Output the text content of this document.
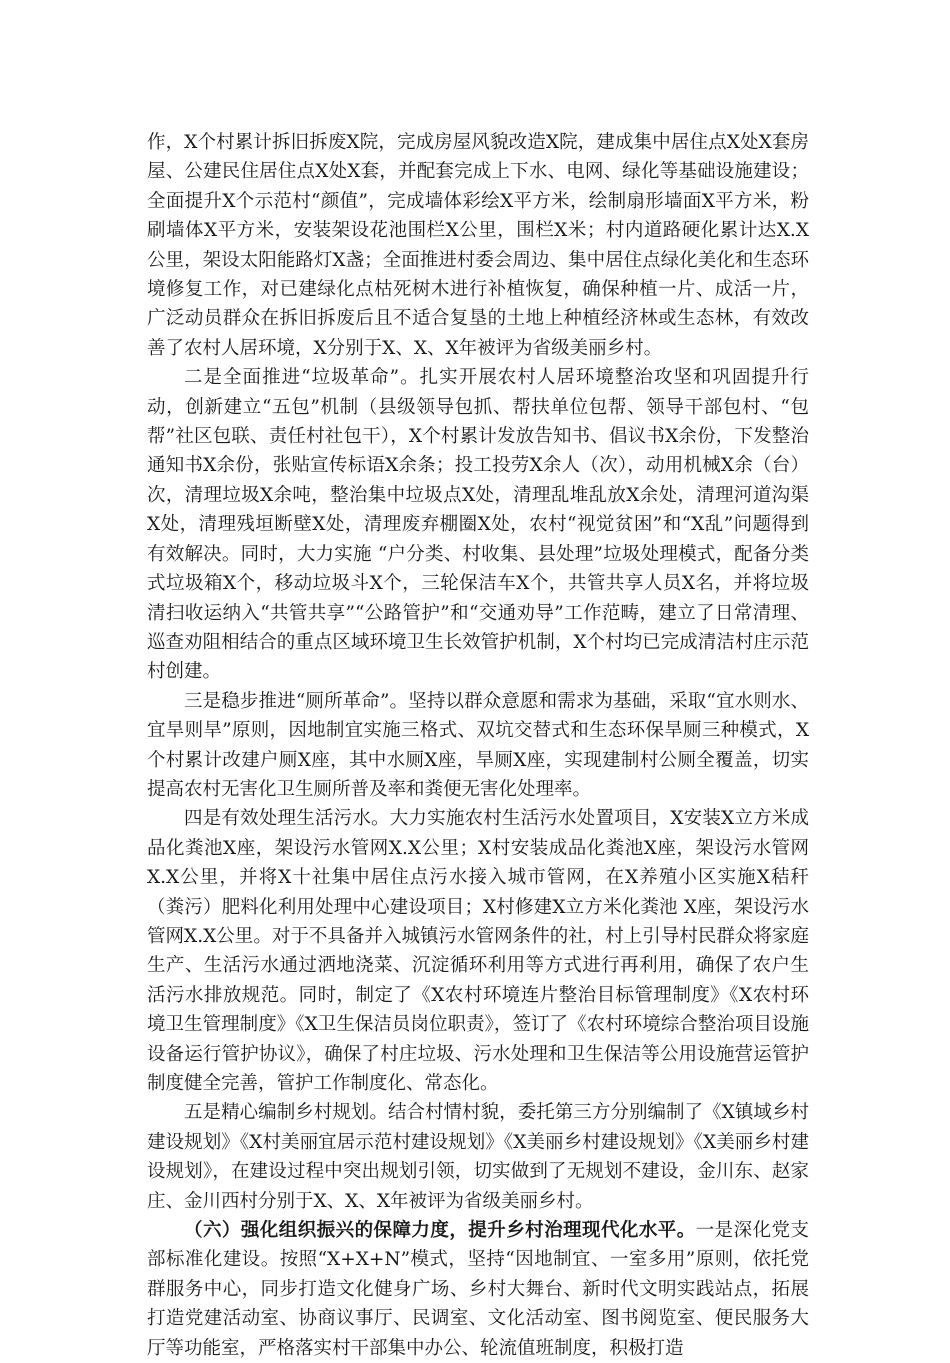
作，X个村累计拆旧拆废X院，完成房屋风貌改造X院，建成集中居住点X处X套房屋、公建民住居住点X处X套，并配套完成上下水、电网、绿化等基础设施建设；全面提升X个示范村“颜值”，完成墙体彩绘X平方米，绘制扇形墙面X平方米，粉刷墙体X平方米，安装架设花池围栏X公里，围栏X米；村内道路硬化累计达X.X公里，架设太阳能路灯X盏；全面推进村委会周边、集中居住点绿化美化和生态环境修复工作，对已建绿化点枯死树木进行补植恢复，确保种植一片、成活一片，广泛动员群众在拆旧拆废后且不适合复垦的土地上种植经济林或生态林，有效改善了农村人居环境，X分别于X、X、X年被评为省级美丽乡村。

二是全面推进“垃圾革命”。扎实开展农村人居环境整治攻坚和巩固提升行动，创新建立“五包”机制（县级领导包抓、帮扶单位包帮、领导干部包村、“包帮”社区包联、责任村社包干），X个村累计发放告知书、倡议书X余份，下发整治通知书X余份，张贴宣传标语X余条；投工投劳X余人（次），动用机械X余（台）次，清理垃圾X余吨，整治集中垃圾点X处，清理乱堆乱放X余处，清理河道沟渠X处，清理残垣断壁X处，清理废弃棚圈X处，农村“视觉贫困”和“X乱”问题得到有效解决。同时，大力实施 “户分类、村收集、县处理”垃圾处理模式，配备分类式垃圾箱X个，移动垃圾斗X个，三轮保洁车X个，共管共享人员X名，并将垃圾清扫收运纳入“共管共享”“公路管护”和“交通劝导”工作范畴，建立了日常清理、巡查劝阻相结合的重点区域环境卫生长效管护机制，X个村均已完成清洁村庄示范村创建。

三是稳步推进“厕所革命”。坚持以群众意愿和需求为基础，采取“宜水则水、宜旱则旱”原则，因地制宜实施三格式、双坑交替式和生态环保旱厕三种模式，X个村累计改建户厕X座，其中水厕X座，旱厕X座，实现建制村公厕全覆盖，切实提高农村无害化卫生厕所普及率和粪便无害化处理率。

四是有效处理生活污水。大力实施农村生活污水处置项目，X安装X立方米成品化粪池X座，架设污水管网X.X公里；X村安装成品化粪池X座，架设污水管网X.X公里，并将X十社集中居住点污水接入城市管网，在X养殖小区实施X秸秆（粪污）肥料化利用处理中心建设项目；X村修建X立方米化粪池 X座，架设污水管网X.X公里。对于不具备并入城镇污水管网条件的社，村上引导村民群众将家庭生产、生活污水通过洒地浇菜、沉淀循环利用等方式进行再利用，确保了农户生活污水排放规范。同时，制定了《X农村环境连片整治目标管理制度》《X农村环境卫生管理制度》《X卫生保洁员岗位职责》，签订了《农村环境综合整治项目设施设备运行管护协议》，确保了村庄垃圾、污水处理和卫生保洁等公用设施营运管护制度健全完善，管护工作制度化、常态化。

五是精心编制乡村规划。结合村情村貌，委托第三方分别编制了《X镇域乡村建设规划》《X村美丽宜居示范村建设规划》《X美丽乡村建设规划》《X美丽乡村建设规划》，在建设过程中突出规划引领，切实做到了无规划不建设，金川东、赵家庄、金川西村分别于X、X、X年被评为省级美丽乡村。

（六）强化组织振兴的保障力度，提升乡村治理现代化水平。一是深化党支部标准化建设。按照“X+X+N”模式，坚持“因地制宜、一室多用”原则，依托党群服务中心，同步打造文化健身广场、乡村大舞台、新时代文明实践站点，拓展打造党建活动室、协商议事厅、民调室、文化活动室、图书阅览室、便民服务大厅等功能室，严格落实村干部集中办公、轮流值班制度，积极打造
